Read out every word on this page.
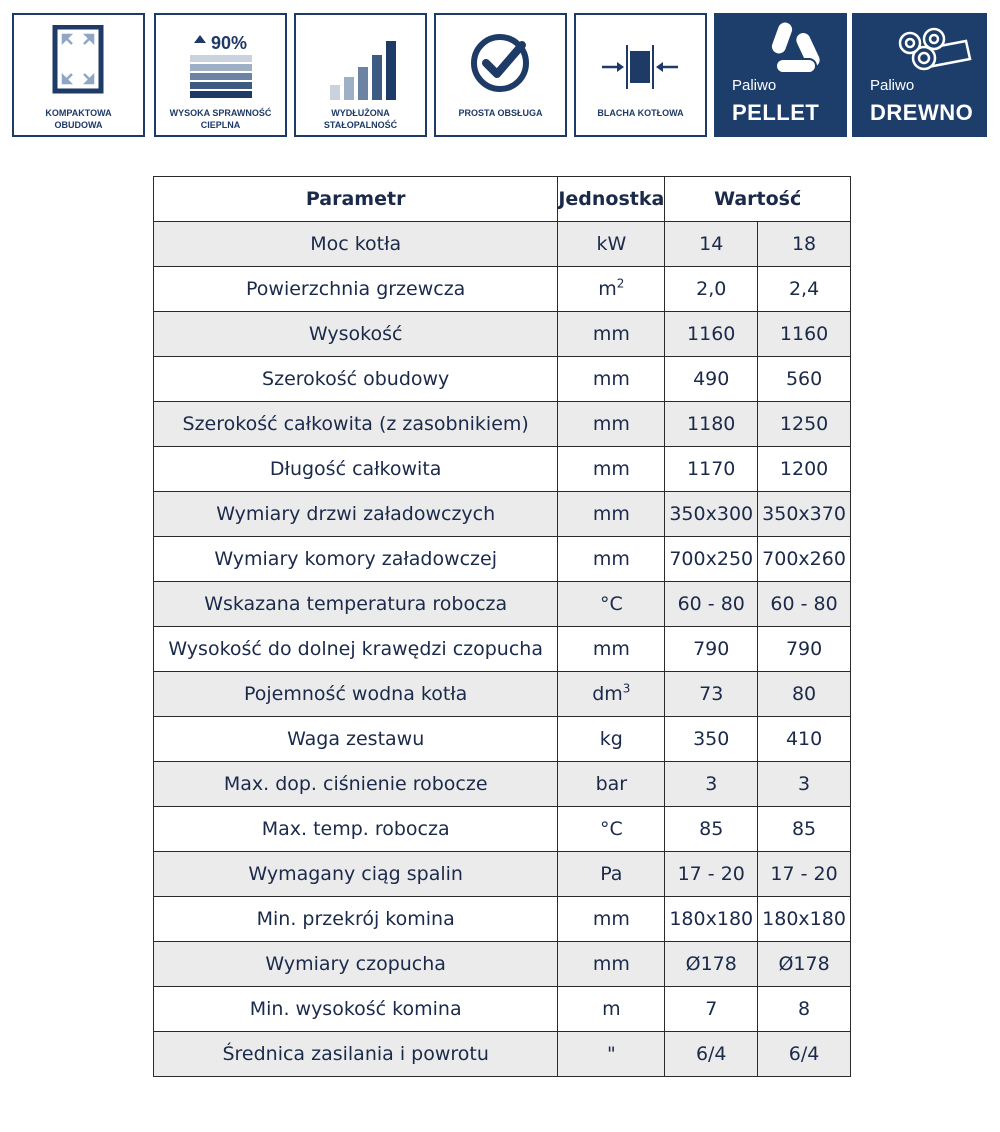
KOMPAKTOWA
OBUDOWA
90%
WYSOKA SPRAWNOŚĆ
CIEPLNA
WYDŁUŻONA
STAŁOPALNOŚĆ
PROSTA OBSŁUGA	BLACHA KOTŁOWA
Paliwo
PELLET
Paliwo
DREWNO
Parametr	Jednostka	Wartość	
Moc kotła	kW	14	18
Powierzchnia grzewcza	$m^2$	2,0	2,4
Wysokość	mm	1160	1160
Szerokość obudowy	mm	490	560
Szerokość całkowita (z zasobnikiem)	mm	1180	1250
Długość całkowita	mm	1170	1200
Wymiary drzwi załadowczych	mm	350x300	350x370
Wymiary komory załadowczej	mm	700x250	700x260
Wskazana temperatura robocza	°C	60 - 80	60 - 80
Wysokość do dolnej krawędzi czopucha	mm	790	790
Pojemność wodna kotła	$dm^3$	73	80
Waga zestawu	kg	350	410
Max. dop. ciśnienie robocze	bar	3	3
Max. temp. robocza	°C	85	85
Wymagany ciąg spalin	Pa	17 - 20	17 - 20
Min. przekrój komina	mm	180x180	180x180
Wymiary czopucha	mm	Ø178	Ø178
Min. wysokość komina	m	7	8
Średnica zasilania i powrotu	"	6/4	6/4
